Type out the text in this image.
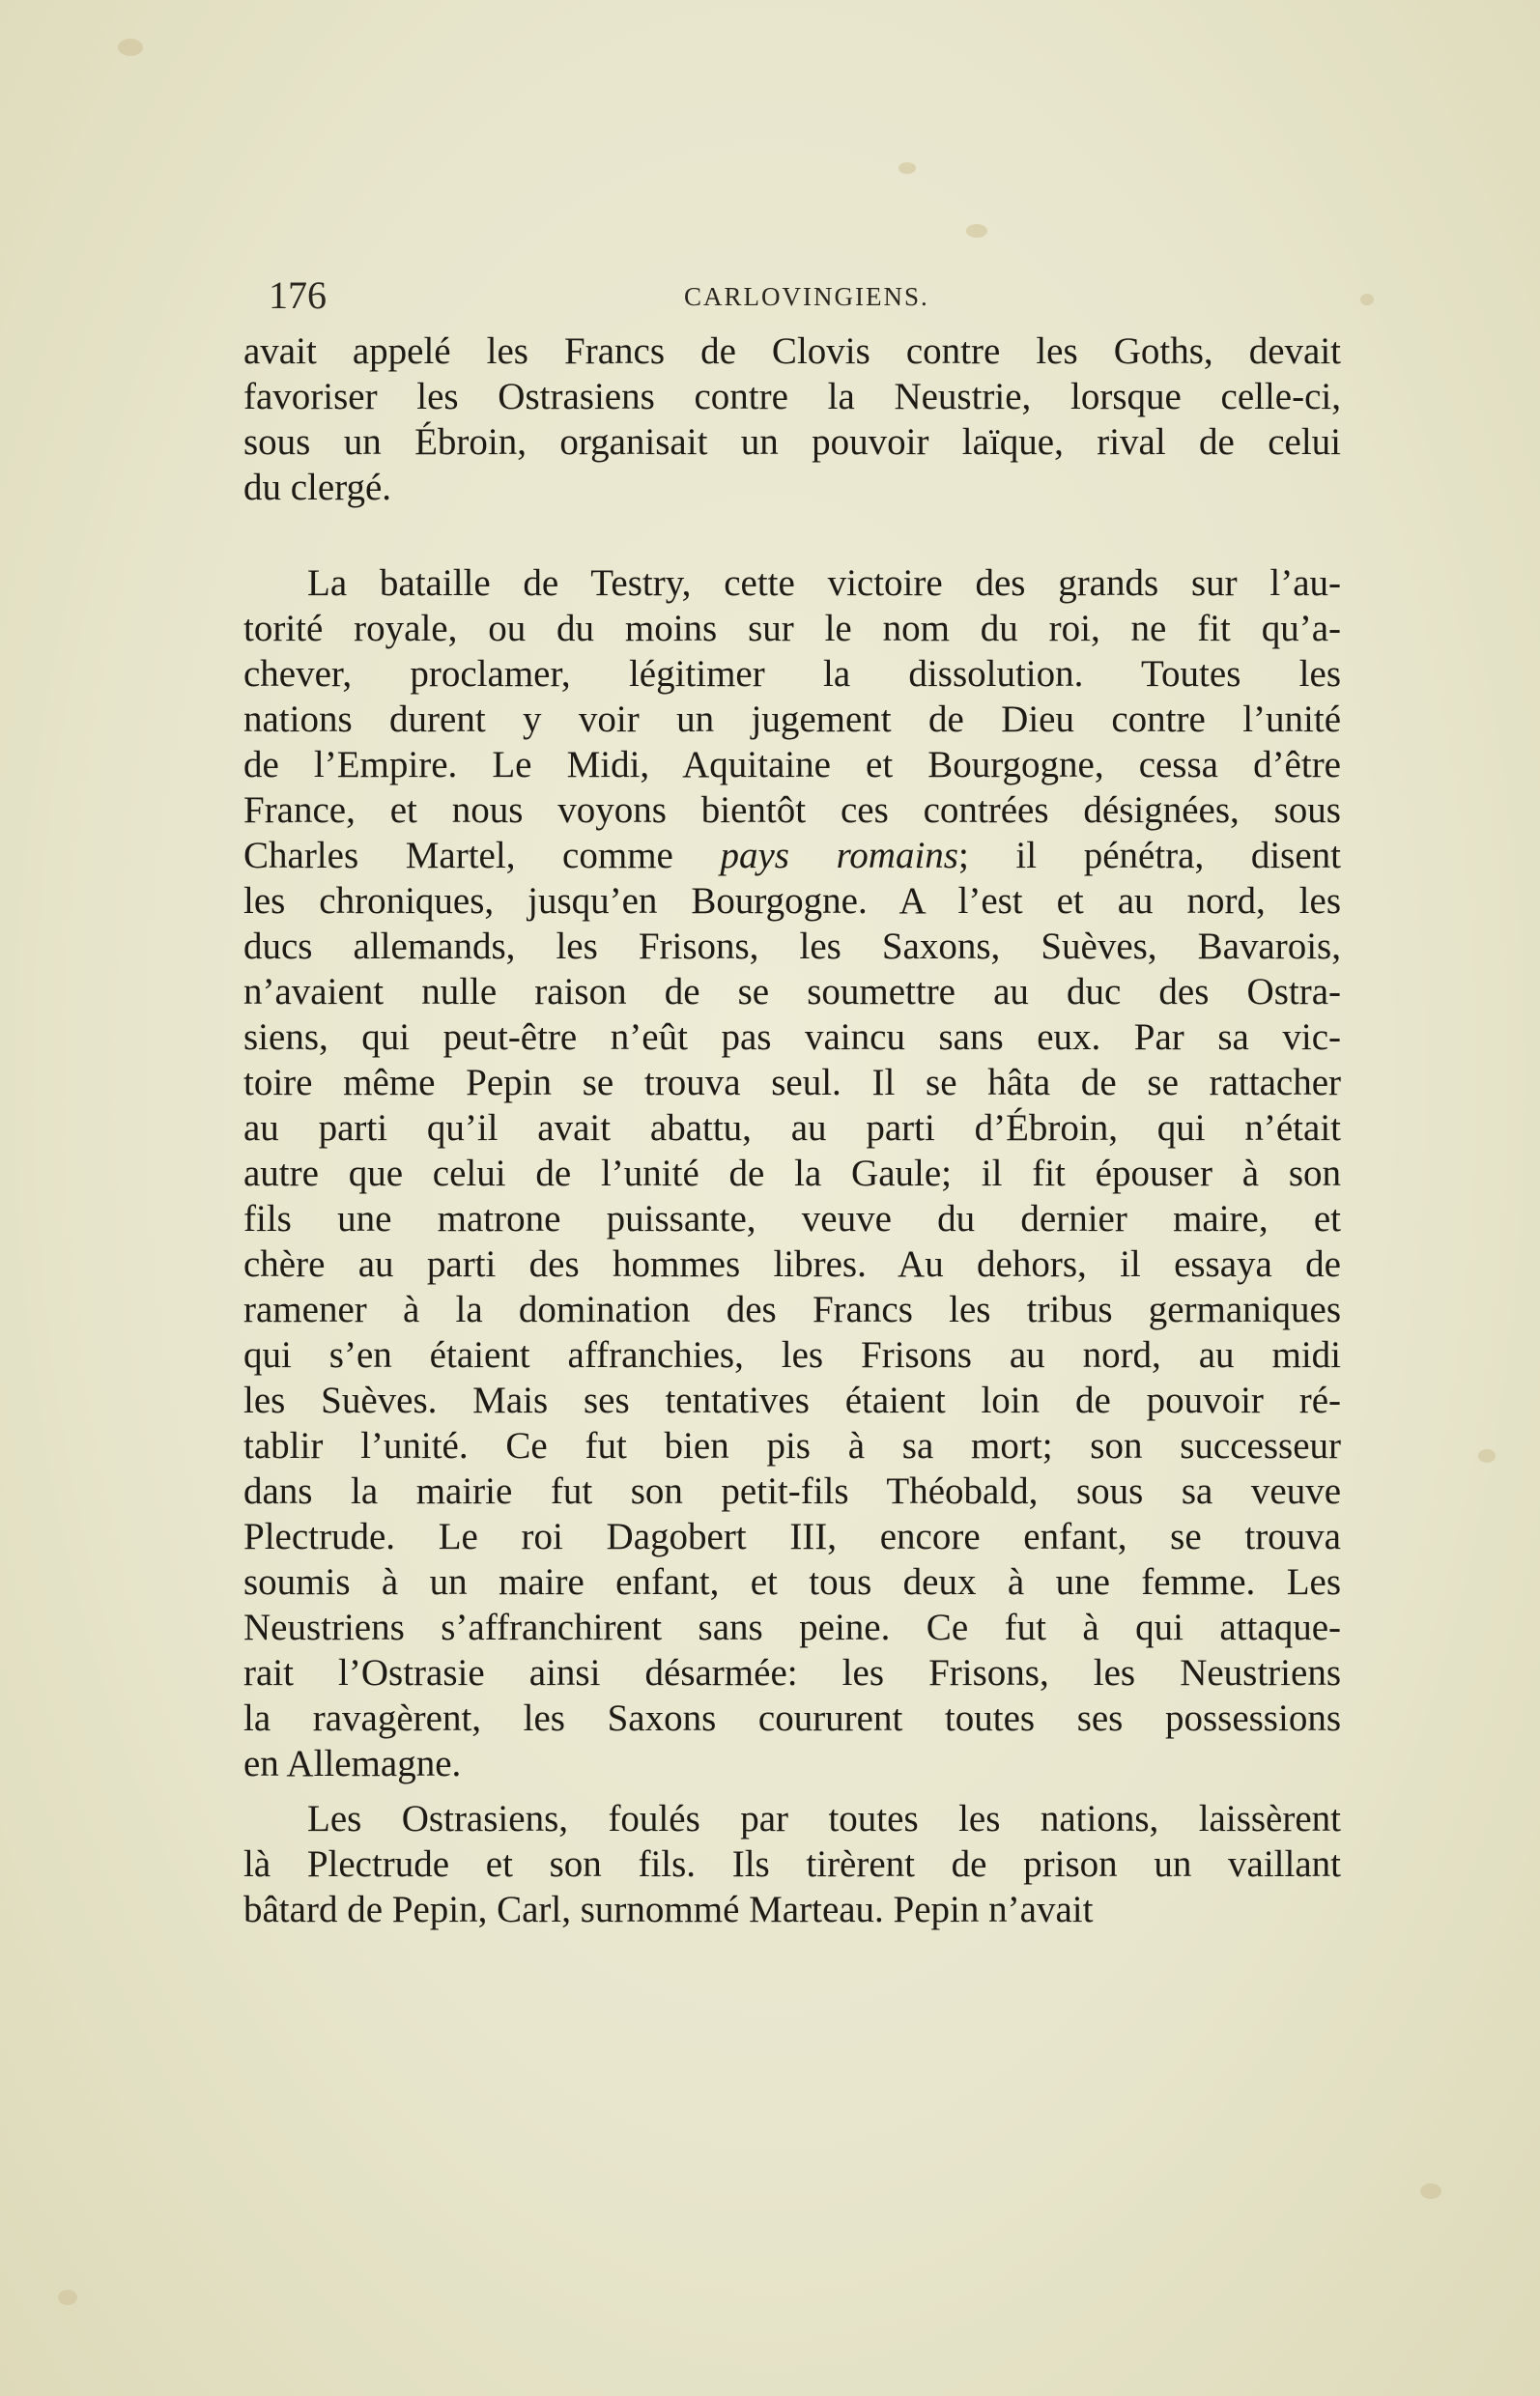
176	CARLOVINGIENS.
avait appelé les Francs de Clovis contre les Goths, devait
favoriser les Ostrasiens contre la Neustrie, lorsque celle-ci,
sous un Ébroin, organisait un pouvoir laïque, rival de celui
du clergé.
La bataille de Testry, cette victoire des grands sur l’au-
torité royale, ou du moins sur le nom du roi, ne fit qu’a-
chever, proclamer, légitimer la dissolution. Toutes les
nations durent y voir un jugement de Dieu contre l’unité
de l’Empire. Le Midi, Aquitaine et Bourgogne, cessa d’être
France, et nous voyons bientôt ces contrées désignées, sous
Charles Martel, comme pays romains; il pénétra, disent
les chroniques, jusqu’en Bourgogne. A l’est et au nord, les
ducs allemands, les Frisons, les Saxons, Suèves, Bavarois,
n’avaient nulle raison de se soumettre au duc des Ostra-
siens, qui peut-être n’eût pas vaincu sans eux. Par sa vic-
toire même Pepin se trouva seul. Il se hâta de se rattacher
au parti qu’il avait abattu, au parti d’Ébroin, qui n’était
autre que celui de l’unité de la Gaule; il fit épouser à son
fils une matrone puissante, veuve du dernier maire, et
chère au parti des hommes libres. Au dehors, il essaya de
ramener à la domination des Francs les tribus germaniques
qui s’en étaient affranchies, les Frisons au nord, au midi
les Suèves. Mais ses tentatives étaient loin de pouvoir ré-
tablir l’unité. Ce fut bien pis à sa mort; son successeur
dans la mairie fut son petit-fils Théobald, sous sa veuve
Plectrude. Le roi Dagobert III, encore enfant, se trouva
soumis à un maire enfant, et tous deux à une femme. Les
Neustriens s’affranchirent sans peine. Ce fut à qui attaque-
rait l’Ostrasie ainsi désarmée: les Frisons, les Neustriens
la ravagèrent, les Saxons coururent toutes ses possessions
en Allemagne.
Les Ostrasiens, foulés par toutes les nations, laissèrent
là Plectrude et son fils. Ils tirèrent de prison un vaillant
bâtard de Pepin, Carl, surnommé Marteau. Pepin n’avait
